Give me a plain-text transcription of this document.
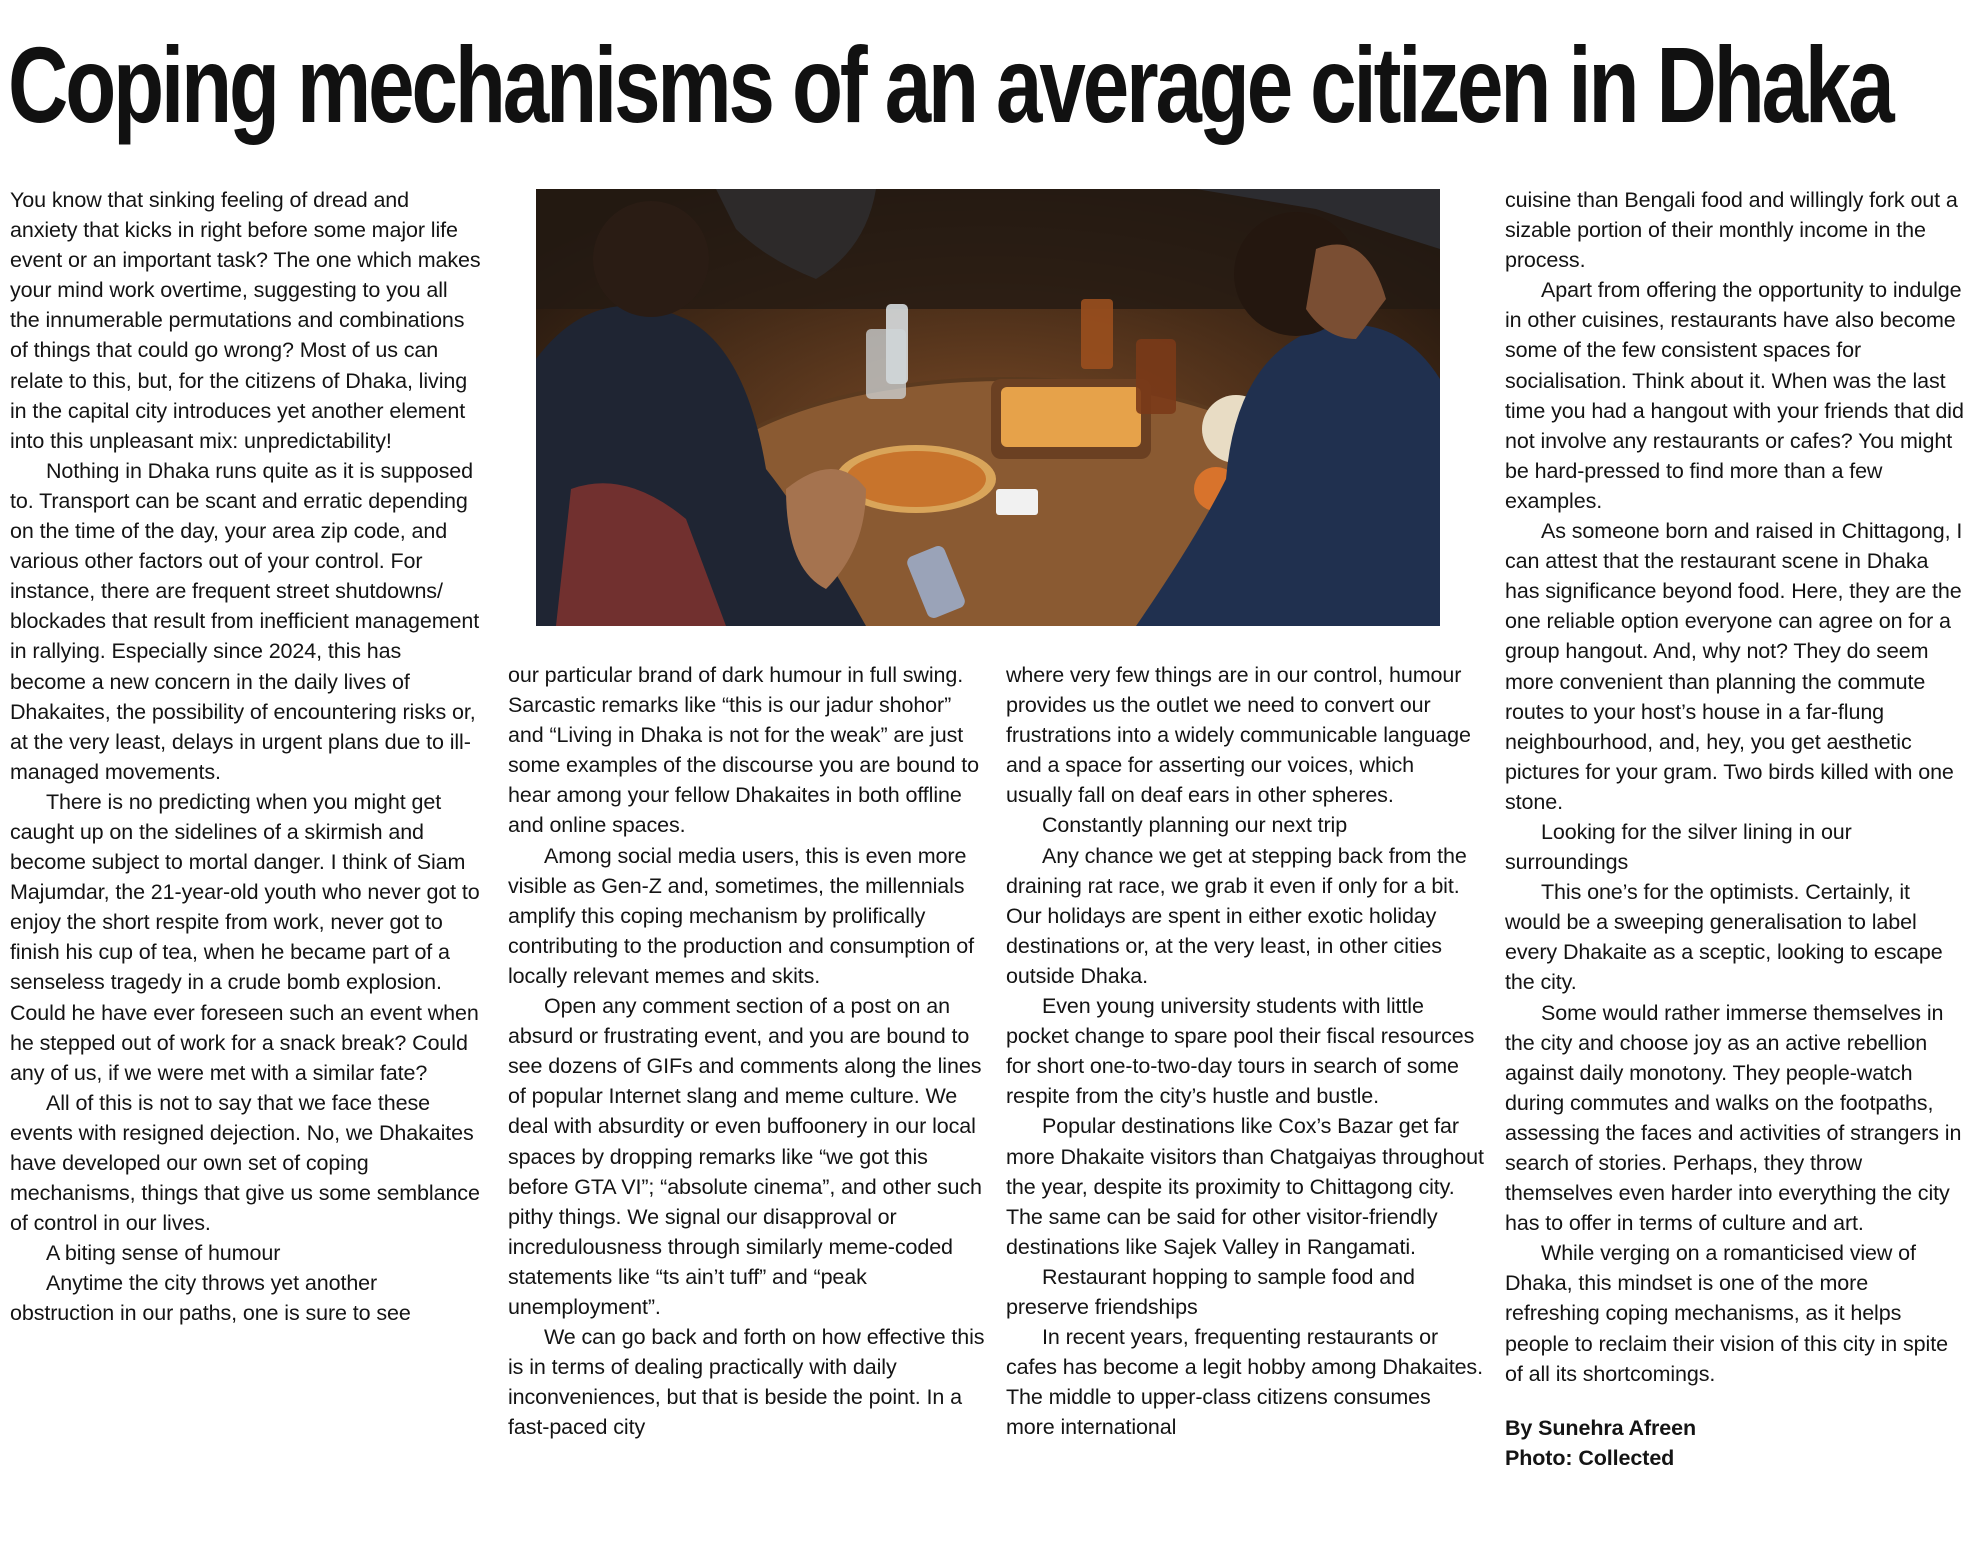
Coping mechanisms of an average citizen in Dhaka

You know that sinking feeling of dread and anxiety that kicks in right before some major life event or an important task? The one which makes your mind work overtime, suggesting to you all the innumerable permutations and combinations of things that could go wrong? Most of us can relate to this, but, for the citizens of Dhaka, living in the capital city introduces yet another element into this unpleasant mix: unpredictability!

Nothing in Dhaka runs quite as it is supposed to. Transport can be scant and erratic depending on the time of the day, your area zip code, and various other factors out of your control. For instance, there are frequent street shutdowns/ blockades that result from inefficient management in rallying. Especially since 2024, this has become a new concern in the daily lives of Dhakaites, the possibility of encountering risks or, at the very least, delays in urgent plans due to ill-managed movements.

There is no predicting when you might get caught up on the sidelines of a skirmish and become subject to mortal danger. I think of Siam Majumdar, the 21-year-old youth who never got to enjoy the short respite from work, never got to finish his cup of tea, when he became part of a senseless tragedy in a crude bomb explosion. Could he have ever foreseen such an event when he stepped out of work for a snack break? Could any of us, if we were met with a similar fate?

All of this is not to say that we face these events with resigned dejection. No, we Dhakaites have developed our own set of coping mechanisms, things that give us some semblance of control in our lives.

A biting sense of humour

Anytime the city throws yet another obstruction in our paths, one is sure to see

our particular brand of dark humour in full swing. Sarcastic remarks like “this is our jadur shohor” and “Living in Dhaka is not for the weak” are just some examples of the discourse you are bound to hear among your fellow Dhakaites in both offline and online spaces.

Among social media users, this is even more visible as Gen-Z and, sometimes, the millennials amplify this coping mechanism by prolifically contributing to the production and consumption of locally relevant memes and skits.

Open any comment section of a post on an absurd or frustrating event, and you are bound to see dozens of GIFs and comments along the lines of popular Internet slang and meme culture. We deal with absurdity or even buffoonery in our local spaces by dropping remarks like “we got this before GTA VI”; “absolute cinema”, and other such pithy things. We signal our disapproval or incredulousness through similarly meme-coded statements like “ts ain’t tuff” and “peak unemployment”.

We can go back and forth on how effective this is in terms of dealing practically with daily inconveniences, but that is beside the point. In a fast-paced city

where very few things are in our control, humour provides us the outlet we need to convert our frustrations into a widely communicable language and a space for asserting our voices, which usually fall on deaf ears in other spheres.

Constantly planning our next trip

Any chance we get at stepping back from the draining rat race, we grab it even if only for a bit. Our holidays are spent in either exotic holiday destinations or, at the very least, in other cities outside Dhaka.

Even young university students with little pocket change to spare pool their fiscal resources for short one-to-two-day tours in search of some respite from the city’s hustle and bustle.

Popular destinations like Cox’s Bazar get far more Dhakaite visitors than Chatgaiyas throughout the year, despite its proximity to Chittagong city. The same can be said for other visitor-friendly destinations like Sajek Valley in Rangamati.

Restaurant hopping to sample food and preserve friendships

In recent years, frequenting restaurants or cafes has become a legit hobby among Dhakaites. The middle to upper-class citizens consumes more international

cuisine than Bengali food and willingly fork out a sizable portion of their monthly income in the process.

Apart from offering the opportunity to indulge in other cuisines, restaurants have also become some of the few consistent spaces for socialisation. Think about it. When was the last time you had a hangout with your friends that did not involve any restaurants or cafes? You might be hard-pressed to find more than a few examples.

As someone born and raised in Chittagong, I can attest that the restaurant scene in Dhaka has significance beyond food. Here, they are the one reliable option everyone can agree on for a group hangout. And, why not? They do seem more convenient than planning the commute routes to your host’s house in a far-flung neighbourhood, and, hey, you get aesthetic pictures for your gram. Two birds killed with one stone.

Looking for the silver lining in our surroundings

This one’s for the optimists. Certainly, it would be a sweeping generalisation to label every Dhakaite as a sceptic, looking to escape the city.

Some would rather immerse themselves in the city and choose joy as an active rebellion against daily monotony. They people-watch during commutes and walks on the footpaths, assessing the faces and activities of strangers in search of stories. Perhaps, they throw themselves even harder into everything the city has to offer in terms of culture and art.

While verging on a romanticised view of Dhaka, this mindset is one of the more refreshing coping mechanisms, as it helps people to reclaim their vision of this city in spite of all its shortcomings.

By Sunehra Afreen
Photo: Collected
